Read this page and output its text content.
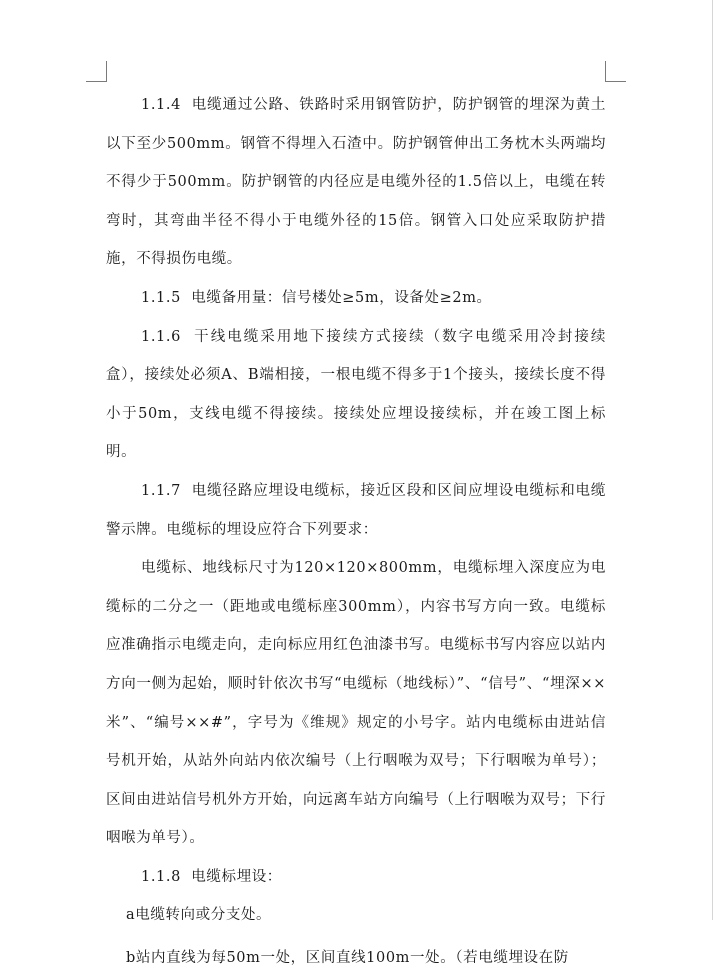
1.1.4  电缆通过公路、铁路时采用钢管防护，防护钢管的埋深为黄土以下至少500mm。钢管不得埋入石渣中。防护钢管伸出工务枕木头两端均不得少于500mm。防护钢管的内径应是电缆外径的1.5倍以上，电缆在转弯时，其弯曲半径不得小于电缆外径的15倍。钢管入口处应采取防护措施，不得损伤电缆。

1.1.5  电缆备用量：信号楼处≥5m，设备处≥2m。

1.1.6  干线电缆采用地下接续方式接续（数字电缆采用冷封接续盒），接续处必须A、B端相接，一根电缆不得多于1个接头，接续长度不得小于50m，支线电缆不得接续。接续处应埋设接续标，并在竣工图上标明。

1.1.7  电缆径路应埋设电缆标，接近区段和区间应埋设电缆标和电缆警示牌。电缆标的埋设应符合下列要求：

电缆标、地线标尺寸为120×120×800mm，电缆标埋入深度应为电缆标的二分之一（距地或电缆标座300mm），内容书写方向一致。电缆标应准确指示电缆走向，走向标应用红色油漆书写。电缆标书写内容应以站内方向一侧为起始，顺时针依次书写“电缆标（地线标）”、“信号”、“埋深××米”、“编号××#”，字号为《维规》规定的小号字。站内电缆标由进站信号机开始，从站外向站内依次编号（上行咽喉为双号；下行咽喉为单号）；区间由进站信号机外方开始，向远离车站方向编号（上行咽喉为双号；下行咽喉为单号）。

1.1.8  电缆标埋设：

a电缆转向或分支处。

b站内直线为每50m一处，区间直线100m一处。（若电缆埋设在防
